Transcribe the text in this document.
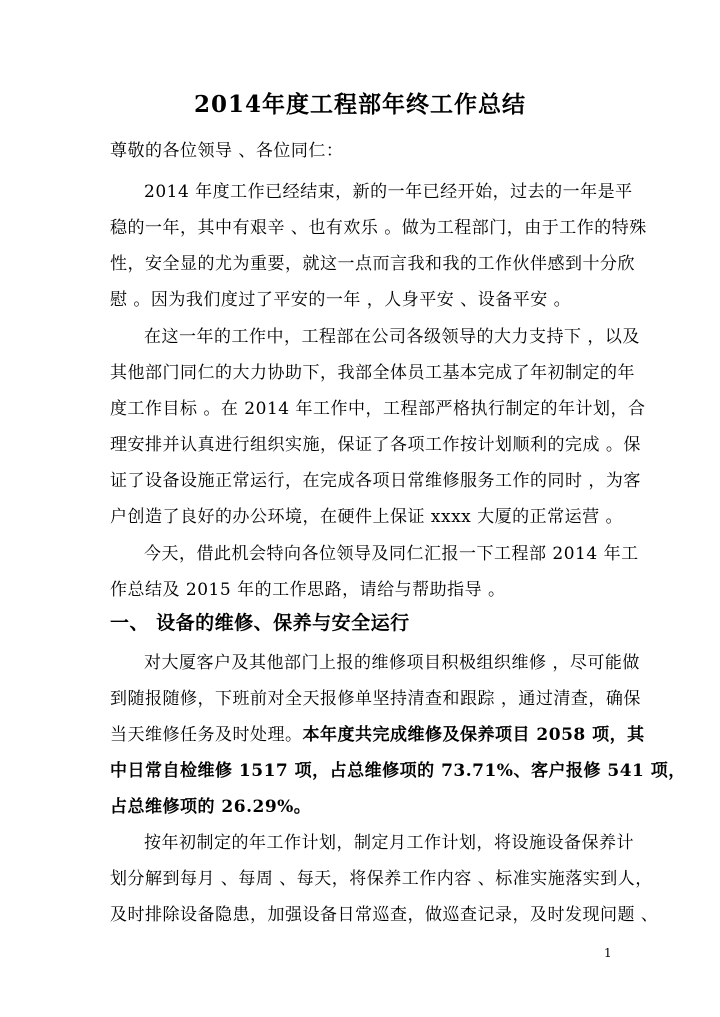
2014年度工程部年终工作总结
尊敬的各位领导 、各位同仁：
2014 年度工作已经结束，新的一年已经开始，过去的一年是平
稳的一年，其中有艰辛 、也有欢乐 。做为工程部门，由于工作的特殊
性，安全显的尤为重要，就这一点而言我和我的工作伙伴感到十分欣
慰 。因为我们度过了平安的一年 ，人身平安 、设备平安 。
在这一年的工作中，工程部在公司各级领导的大力支持下 ，以及
其他部门同仁的大力协助下，我部全体员工基本完成了年初制定的年
度工作目标 。在 2014 年工作中，工程部严格执行制定的年计划，合
理安排并认真进行组织实施，保证了各项工作按计划顺利的完成 。保
证了设备设施正常运行，在完成各项日常维修服务工作的同时 ，为客
户创造了良好的办公环境，在硬件上保证 xxxx 大厦的正常运营 。
今天，借此机会特向各位领导及同仁汇报一下工程部 2014 年工
作总结及 2015 年的工作思路，请给与帮助指导 。
一、 设备的维修、保养与安全运行
对大厦客户及其他部门上报的维修项目积极组织维修 ，尽可能做
到随报随修，下班前对全天报修单坚持清查和跟踪 ，通过清查，确保
当天维修任务及时处理。本年度共完成维修及保养项目 2058 项，其
中日常自检维修 1517 项，占总维修项的 73.71%、客户报修 541 项，
占总维修项的 26.29%。
按年初制定的年工作计划，制定月工作计划，将设施设备保养计
划分解到每月 、每周 、每天，将保养工作内容 、标准实施落实到人，
及时排除设备隐患，加强设备日常巡查，做巡查记录，及时发现问题 、
1
